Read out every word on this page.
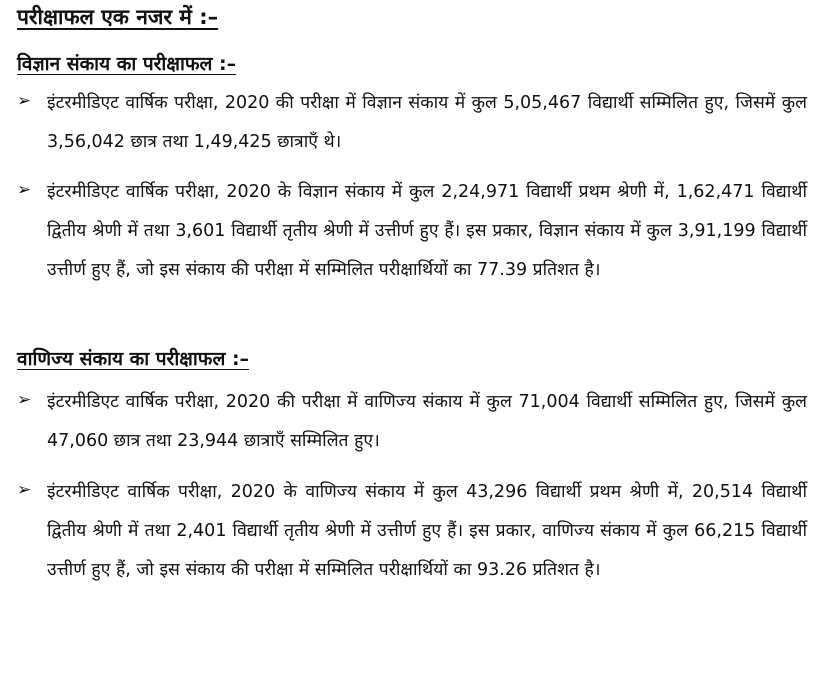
परीक्षाफल एक नजर में :–
विज्ञान संकाय का परीक्षाफल :–
➢ इंटरमीडिएट वार्षिक परीक्षा, 2020 की परीक्षा में विज्ञान संकाय में कुल 5,05,467 विद्यार्थी सम्मिलित हुए, जिसमें कुल 3,56,042 छात्र तथा 1,49,425 छात्राएँ थे।
➢ इंटरमीडिएट वार्षिक परीक्षा, 2020 के विज्ञान संकाय में कुल 2,24,971 विद्यार्थी प्रथम श्रेणी में, 1,62,471 विद्यार्थी द्वितीय श्रेणी में तथा 3,601 विद्यार्थी तृतीय श्रेणी में उत्तीर्ण हुए हैं। इस प्रकार, विज्ञान संकाय में कुल 3,91,199 विद्यार्थी उत्तीर्ण हुए हैं, जो इस संकाय की परीक्षा में सम्मिलित परीक्षार्थियों का 77.39 प्रतिशत है।
वाणिज्य संकाय का परीक्षाफल :–
➢ इंटरमीडिएट वार्षिक परीक्षा, 2020 की परीक्षा में वाणिज्य संकाय में कुल 71,004 विद्यार्थी सम्मिलित हुए, जिसमें कुल 47,060 छात्र तथा 23,944 छात्राएँ सम्मिलित हुए।
➢ इंटरमीडिएट वार्षिक परीक्षा, 2020 के वाणिज्य संकाय में कुल 43,296 विद्यार्थी प्रथम श्रेणी में, 20,514 विद्यार्थी द्वितीय श्रेणी में तथा 2,401 विद्यार्थी तृतीय श्रेणी में उत्तीर्ण हुए हैं। इस प्रकार, वाणिज्य संकाय में कुल 66,215 विद्यार्थी उत्तीर्ण हुए हैं, जो इस संकाय की परीक्षा में सम्मिलित परीक्षार्थियों का 93.26 प्रतिशत है।
